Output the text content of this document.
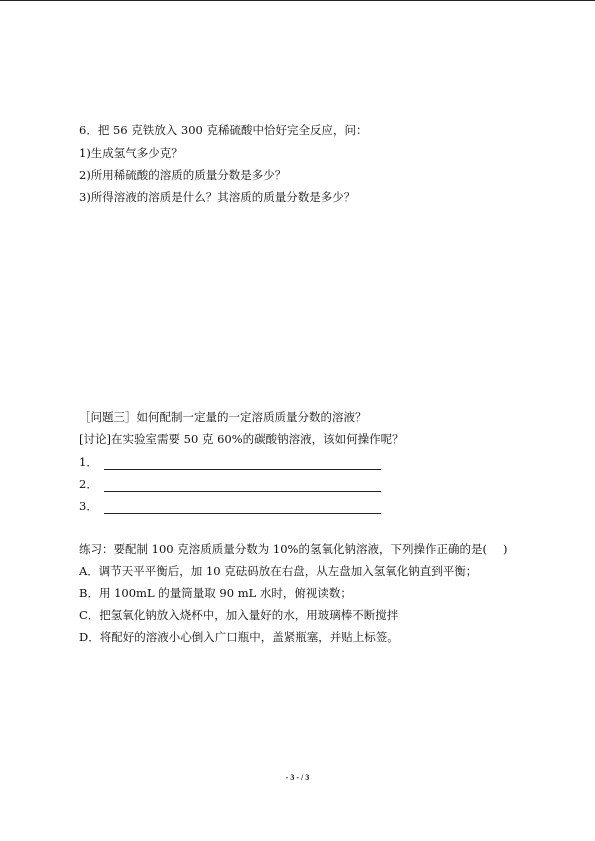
6．把 56 克铁放入 300 克稀硫酸中恰好完全反应，问：
1)生成氢气多少克？
2)所用稀硫酸的溶质的质量分数是多少？
3)所得溶液的溶质是什么？其溶质的质量分数是多少？
［问题三］如何配制一定量的一定溶质质量分数的溶液？
[讨论]在实验室需要 50 克 60%的碳酸钠溶液，该如何操作呢？
1．
2．
3．
练习：要配制 100 克溶质质量分数为 10%的氢氧化钠溶液，下列操作正确的是( )
A．调节天平平衡后，加 10 克砝码放在右盘，从左盘加入氢氧化钠直到平衡；
B．用 100mL 的量筒量取 90 mL 水时，俯视读数；
C．把氢氧化钠放入烧杯中，加入量好的水，用玻璃棒不断搅拌
D．将配好的溶液小心倒入广口瓶中，盖紧瓶塞，并贴上标签。
- 3 - / 3
